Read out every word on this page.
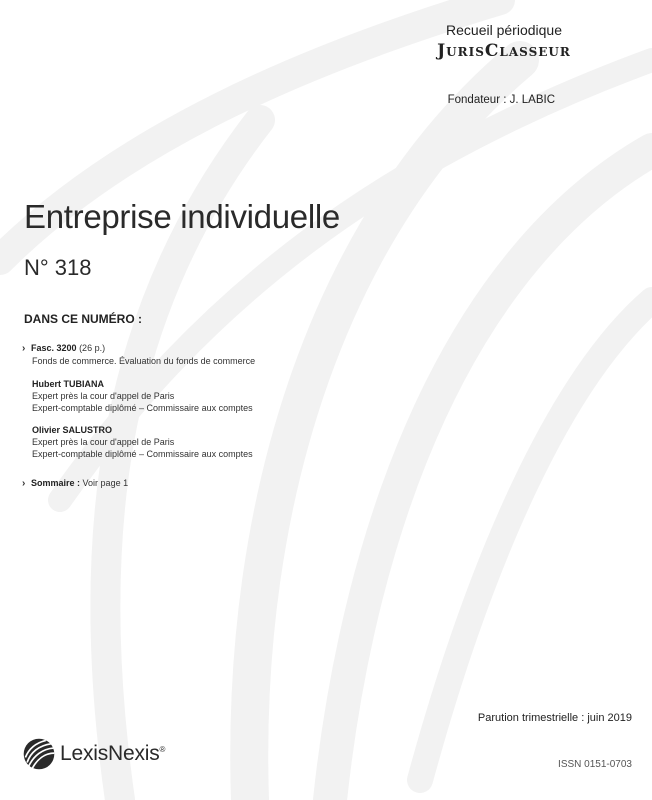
Recueil périodique
JurisClasseur
Fondateur : J. LABIC
Entreprise individuelle
N° 318
DANS CE NUMÉRO :
› Fasc. 3200 (26 p.)
Fonds de commerce. Évaluation du fonds de commerce
Hubert TUBIANA
Expert près la cour d'appel de Paris
Expert-comptable diplômé – Commissaire aux comptes
Olivier SALUSTRO
Expert près la cour d'appel de Paris
Expert-comptable diplômé – Commissaire aux comptes
› Sommaire : Voir page 1
Parution trimestrielle : juin 2019
LexisNexis®
ISSN 0151-0703
